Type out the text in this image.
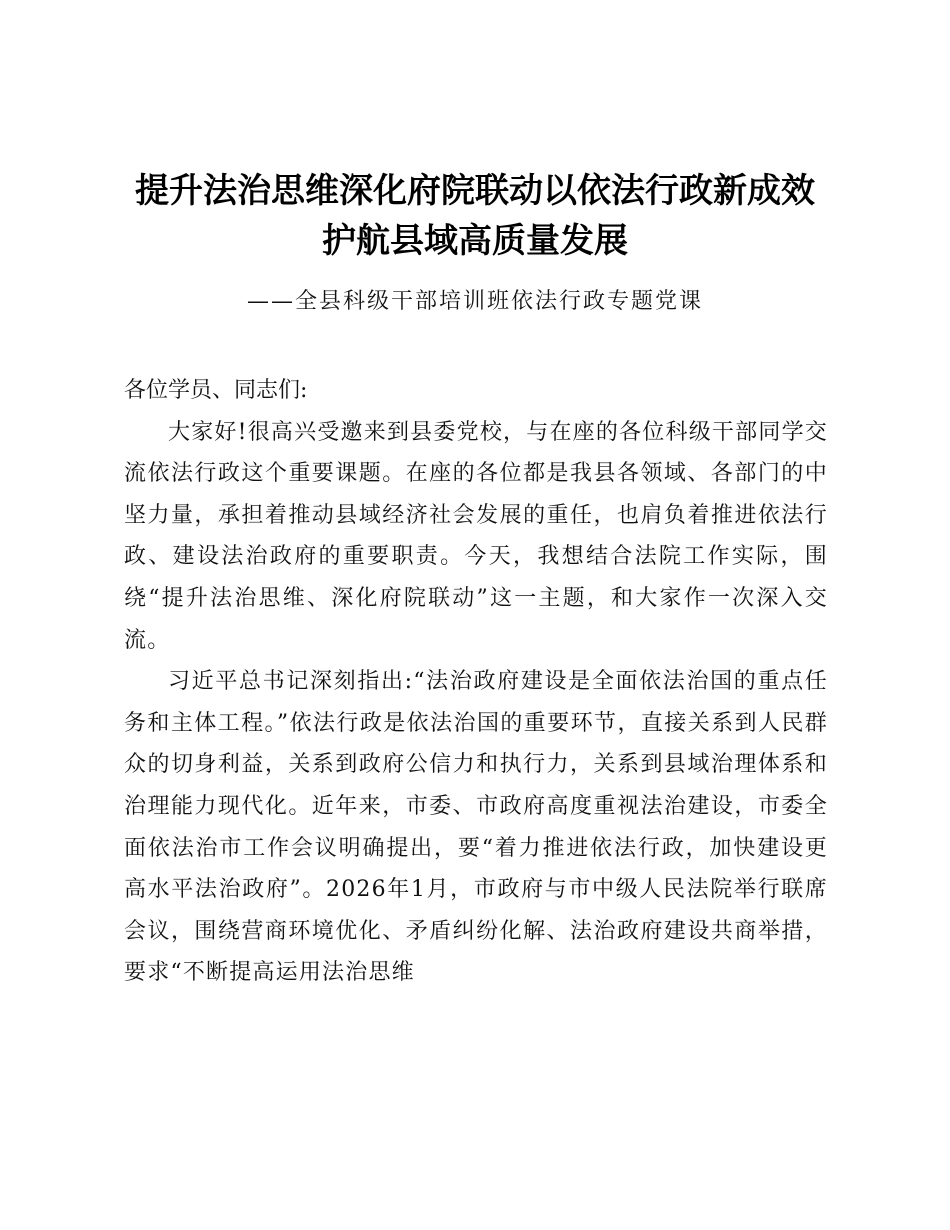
提升法治思维深化府院联动以依法行政新成效
护航县域高质量发展
——全县科级干部培训班依法行政专题党课

各位学员、同志们:

大家好!很高兴受邀来到县委党校，与在座的各位科级干部同学交流依法行政这个重要课题。在座的各位都是我县各领域、各部门的中坚力量，承担着推动县域经济社会发展的重任，也肩负着推进依法行政、建设法治政府的重要职责。今天，我想结合法院工作实际，围绕“提升法治思维、深化府院联动”这一主题，和大家作一次深入交流。

习近平总书记深刻指出:“法治政府建设是全面依法治国的重点任务和主体工程。”依法行政是依法治国的重要环节，直接关系到人民群众的切身利益，关系到政府公信力和执行力，关系到县域治理体系和治理能力现代化。近年来，市委、市政府高度重视法治建设，市委全面依法治市工作会议明确提出，要“着力推进依法行政，加快建设更高水平法治政府”。2026年1月，市政府与市中级人民法院举行联席会议，围绕营商环境优化、矛盾纠纷化解、法治政府建设共商举措，要求“不断提高运用法治思维
